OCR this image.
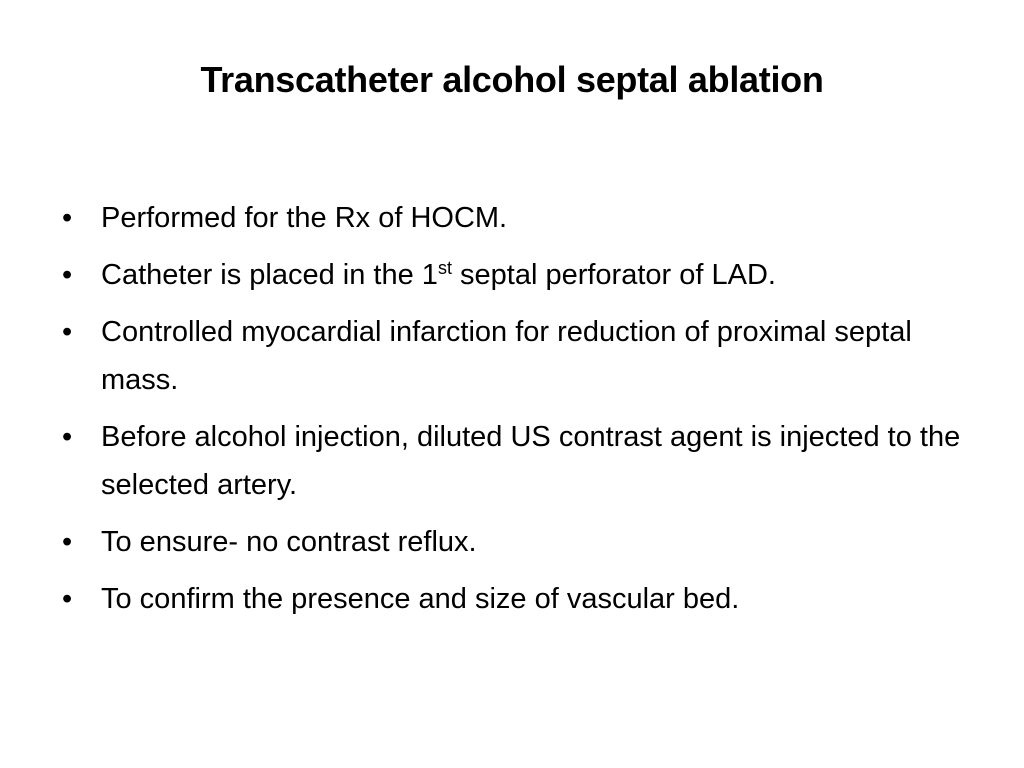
Transcatheter alcohol septal ablation
• Performed for the Rx of HOCM.
• Catheter is placed in the 1st septal perforator of LAD.
• Controlled myocardial infarction for reduction of proximal septal mass.
• Before alcohol injection, diluted US contrast agent is injected to the selected artery.
• To ensure- no contrast reflux.
• To confirm the presence and size of vascular bed.
